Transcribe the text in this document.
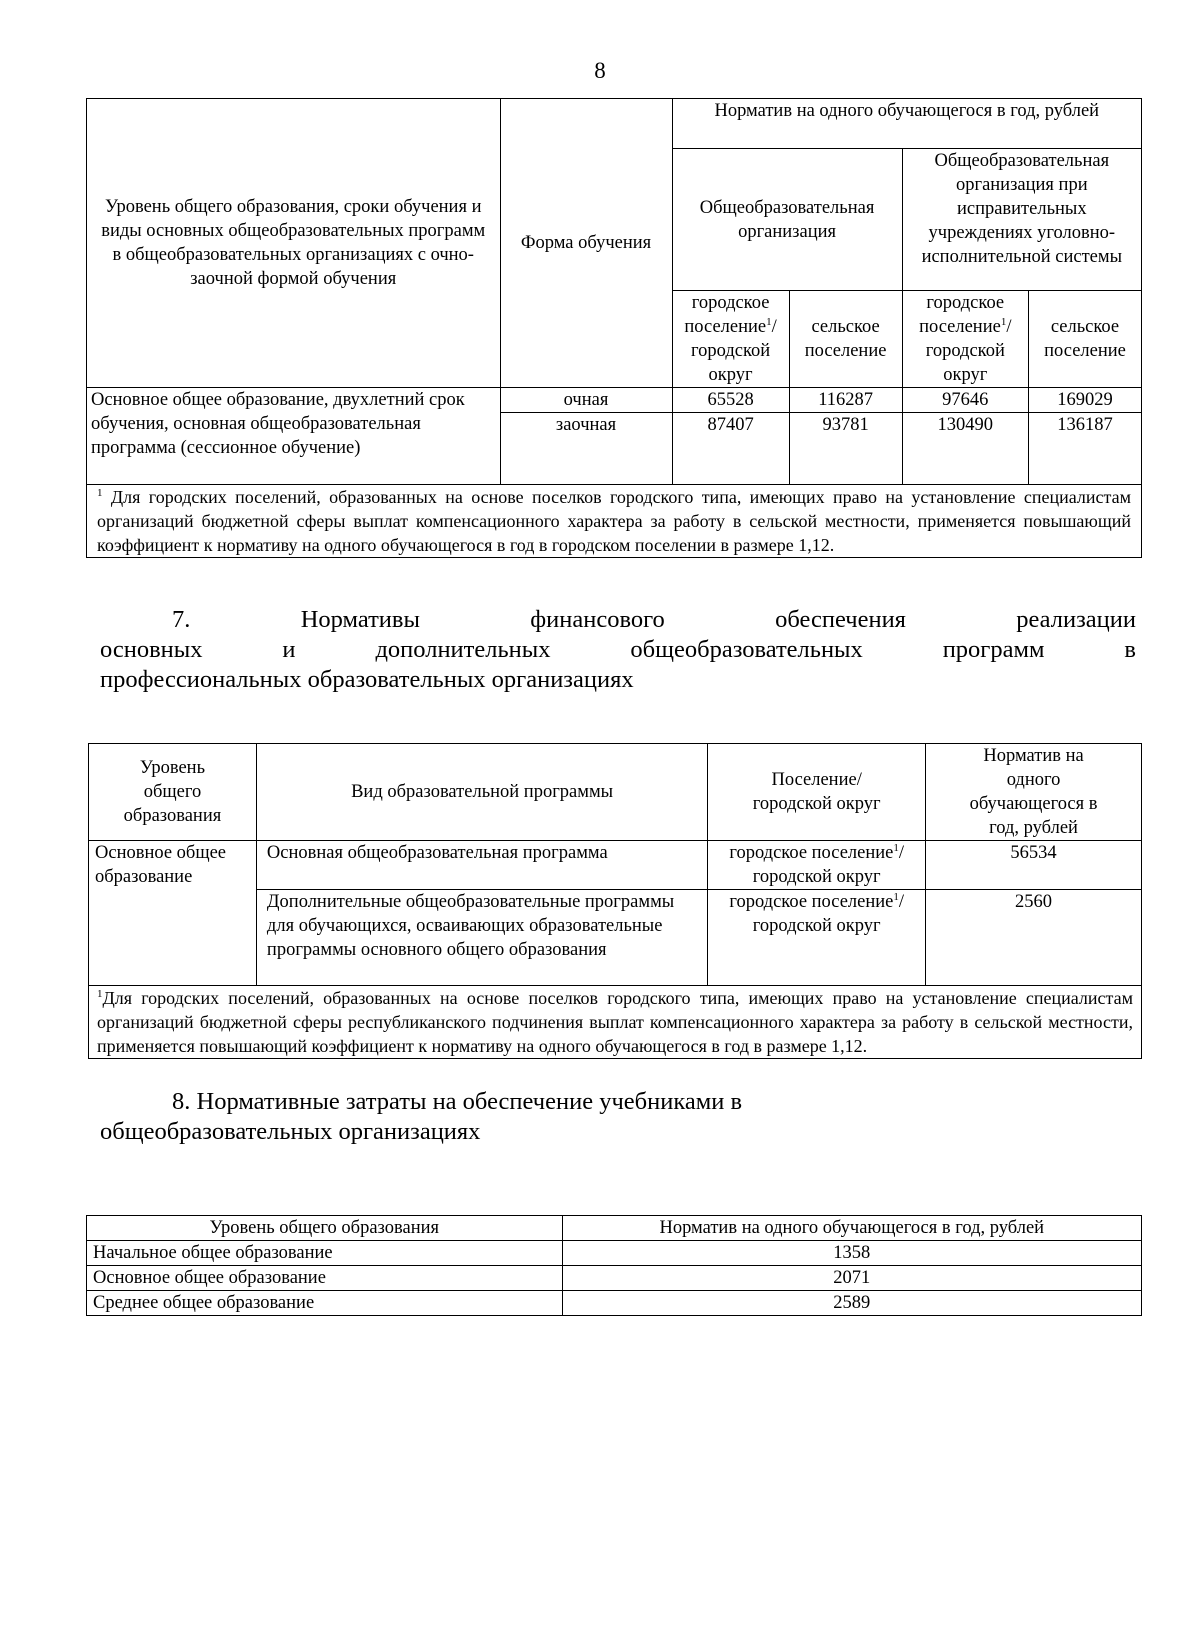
8
Уровень общего образования, сроки обучения и виды основных общеобразовательных программ в общеобразовательных организациях с очно-заочной формой обучения	Форма обучения	Норматив на одного обучающегося в год, рублей			
		Общеобразовательная организация		Общеобразовательная организация при исправительных учреждениях уголовно-исполнительной системы	
		городское поселение$^1$/ городской округ	сельское поселение	городское поселение$^1$/ городской округ	сельское поселение
Основное общее образование, двухлетний срок обучения, основная общеобразовательная программа (сессионное обучение)	очная	65528	116287	97646	169029
	заочная	87407	93781	130490	136187
$^1$ Для городских поселений, образованных на основе поселков городского типа, имеющих право на установление специалистам организаций бюджетной сферы выплат компенсационного характера за работу в сельской местности, применяется повышающий коэффициент к нормативу на одного обучающегося в год в городском поселении в размере 1,12.					
7. Нормативы финансового обеспечения реализации
основных и дополнительных общеобразовательных программ в
профессиональных образовательных организациях
Уровень общего образования	Вид образовательной программы	Поселение/ городской округ	Норматив на одного обучающегося в год, рублей
Основное общее образование	Основная общеобразовательная программа	городское поселение$^1$/ городской округ	56534
	Дополнительные общеобразовательные программы для обучающихся, осваивающих образовательные программы основного общего образования	городское поселение$^1$/ городской округ	2560
$^1$Для городских поселений, образованных на основе поселков городского типа, имеющих право на установление специалистам организаций бюджетной сферы республиканского подчинения выплат компенсационного характера за работу в сельской местности, применяется повышающий коэффициент к нормативу на одного обучающегося в год в размере 1,12.			
8. Нормативные затраты на обеспечение учебниками в
общеобразовательных организациях
Уровень общего образования	Норматив на одного обучающегося в год, рублей
Начальное общее образование	1358
Основное общее образование	2071
Среднее общее образование	2589
